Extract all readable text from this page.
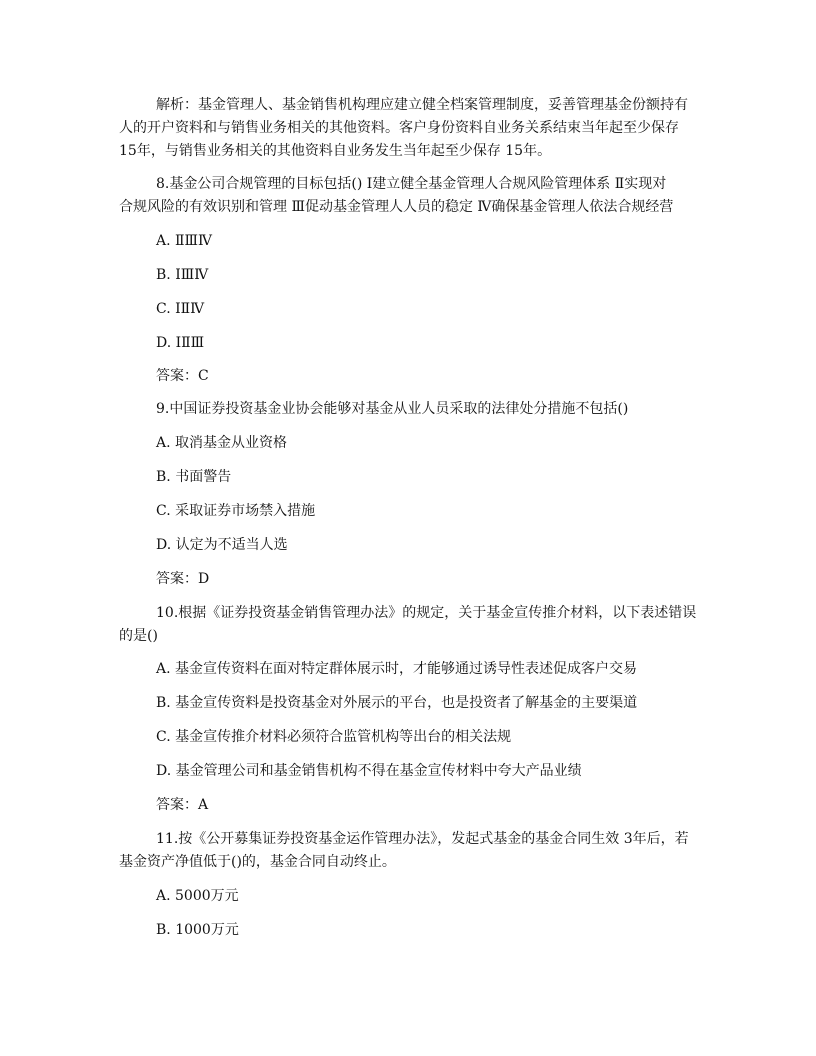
解析：基金管理人、基金销售机构理应建立健全档案管理制度，妥善管理基金份额持有
人的开户资料和与销售业务相关的其他资料。客户身份资料自业务关系结束当年起至少保存
15年，与销售业务相关的其他资料自业务发生当年起至少保存 15年。
8.基金公司合规管理的目标包括() Ⅰ建立健全基金管理人合规风险管理体系 Ⅱ实现对
合规风险的有效识别和管理 Ⅲ促动基金管理人人员的稳定 Ⅳ确保基金管理人依法合规经营
A. ⅡⅢⅣ
B. ⅠⅢⅣ
C. ⅠⅡⅣ
D. ⅠⅡⅢ
答案：C
9.中国证券投资基金业协会能够对基金从业人员采取的法律处分措施不包括()
A. 取消基金从业资格
B. 书面警告
C. 采取证券市场禁入措施
D. 认定为不适当人选
答案：D
10.根据《证券投资基金销售管理办法》的规定，关于基金宣传推介材料，以下表述错误
的是()
A. 基金宣传资料在面对特定群体展示时，才能够通过诱导性表述促成客户交易
B. 基金宣传资料是投资基金对外展示的平台，也是投资者了解基金的主要渠道
C. 基金宣传推介材料必须符合监管机构等出台的相关法规
D. 基金管理公司和基金销售机构不得在基金宣传材料中夸大产品业绩
答案：A
11.按《公开募集证券投资基金运作管理办法》，发起式基金的基金合同生效 3年后，若
基金资产净值低于()的，基金合同自动终止。
A. 5000万元
B. 1000万元
